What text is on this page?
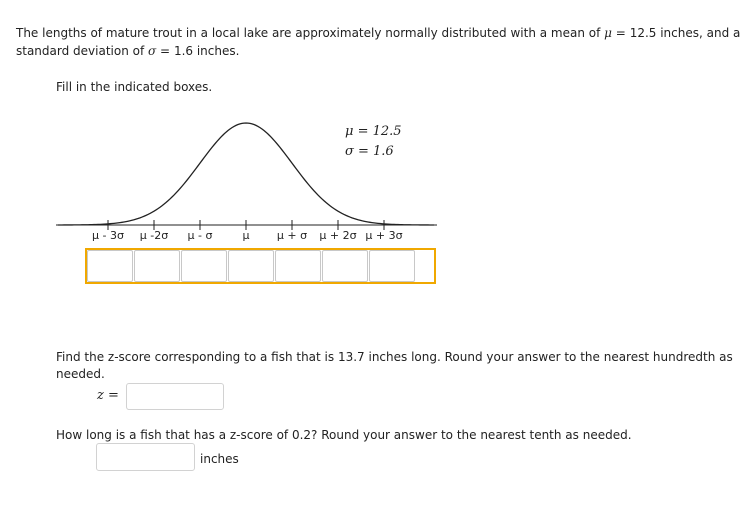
The lengths of mature trout in a local lake are approximately normally distributed with a mean of μ = 12.5 inches, and a
standard deviation of σ = 1.6 inches.
Fill in the indicated boxes.
μ = 12.5
σ = 1.6
μ - 3σ μ -2σ μ - σ	μ μ + σ μ + 2σ μ + 3σ
Find the z-score corresponding to a fish that is 13.7 inches long. Round your answer to the nearest hundredth as
needed.
z =
How long is a fish that has a z-score of 0.2? Round your answer to the nearest tenth as needed.
inches
